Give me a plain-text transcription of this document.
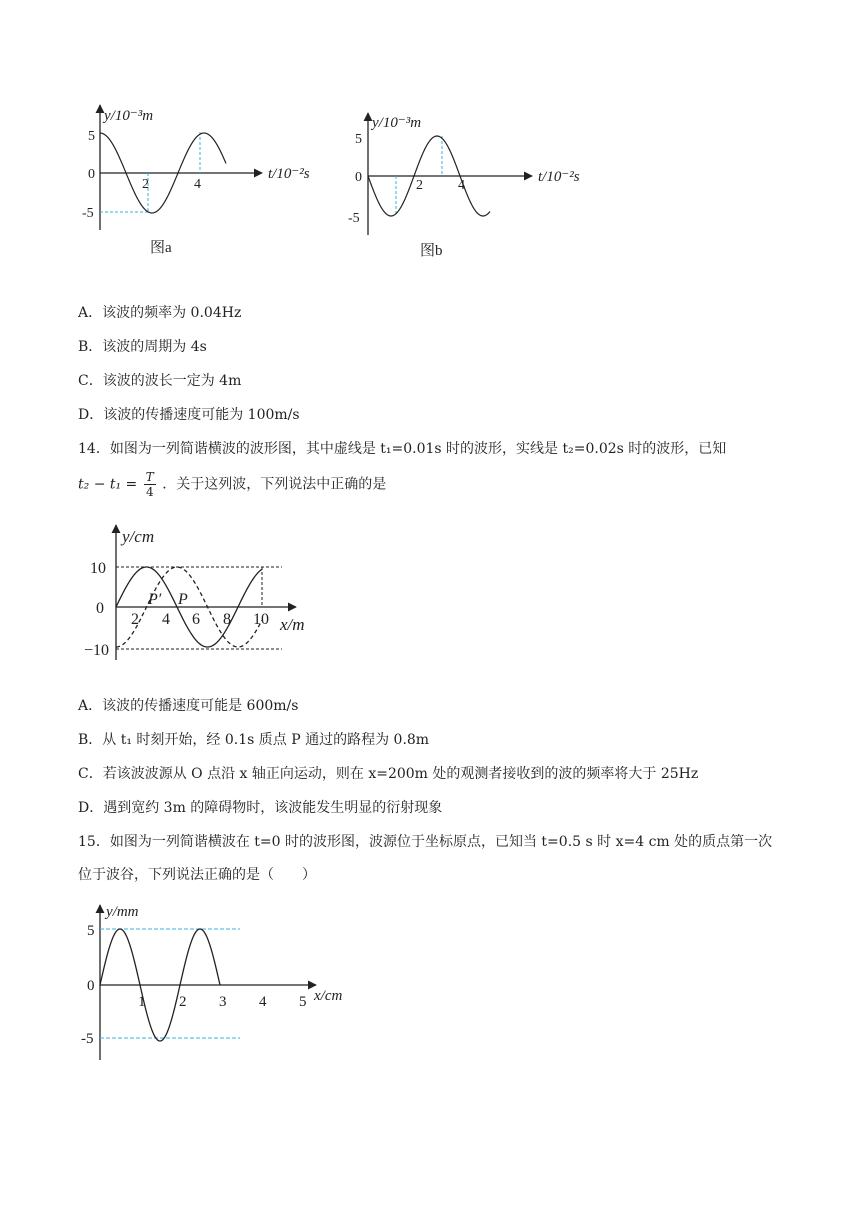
y/10⁻³m
t/10⁻²s
5
0
-5
2	4
图a
y/10⁻³m
t/10⁻²s
5
0
-5
2	4
图b
A．该波的频率为 0.04Hz
B．该波的周期为 4s
C．该波的波长一定为 4m
D．该波的传播速度可能为 100m/s
14．如图为一列简谐横波的波形图，其中虚线是 t₁=0.01s 时的波形，实线是 t₂=0.02s 时的波形，已知
$t_2 - t_1 = \frac{T}{4}$ ．关于这列波，下列说法中正确的是
y/cm
x/m
10
0
−10
2 4 6 8 10
P′ P
A．该波的传播速度可能是 600m/s
B．从 t₁ 时刻开始，经 0.1s 质点 P 通过的路程为 0.8m
C．若该波波源从 O 点沿 x 轴正向运动，则在 x=200m 处的观测者接收到的波的频率将大于 25Hz
D．遇到宽约 3m 的障碍物时，该波能发生明显的衍射现象
15．如图为一列简谐横波在 t=0 时的波形图，波源位于坐标原点，已知当 t=0.5 s 时 x=4 cm 处的质点第一次
位于波谷，下列说法正确的是（　　）
y/mm
x/cm
5
0
-5
1 2 3 4 5
